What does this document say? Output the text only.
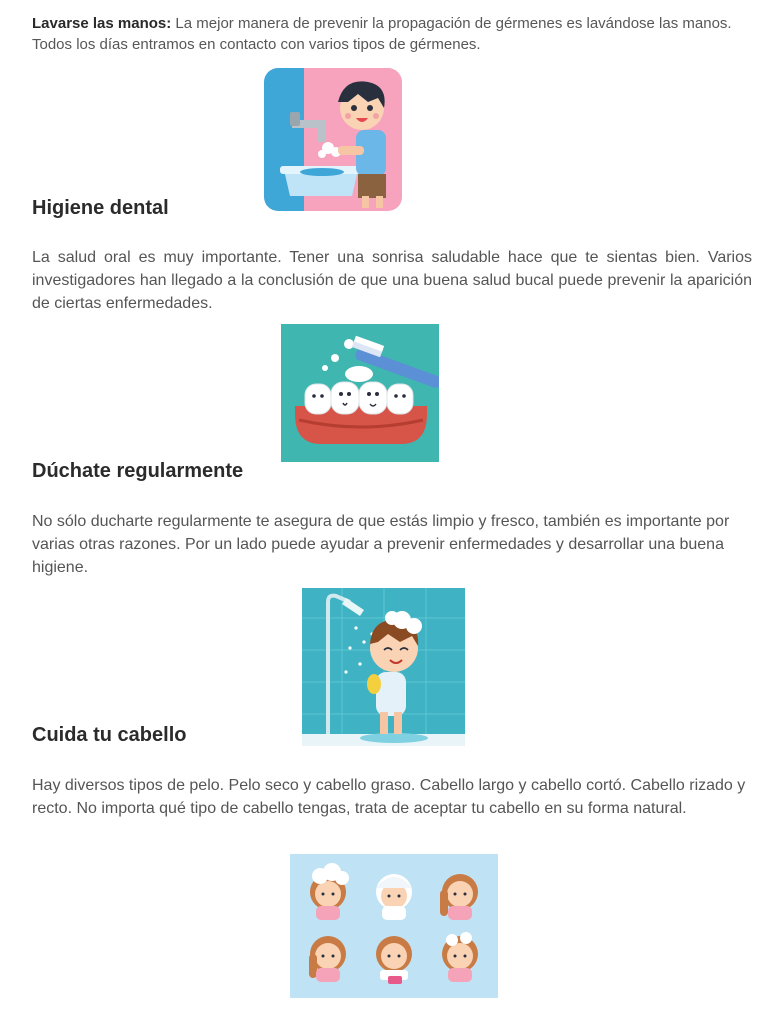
Lavarse las manos: La mejor manera de prevenir la propagación de gérmenes es lavándose las manos. Todos los días entramos en contacto con varios tipos de gérmenes.

Higiene dental

La salud oral es muy importante. Tener una sonrisa saludable hace que te sientas bien. Varios investigadores han llegado a la conclusión de que una buena salud bucal puede prevenir la aparición de ciertas enfermedades.

Dúchate regularmente

No sólo ducharte regularmente te asegura de que estás limpio y fresco, también es importante por varias otras razones. Por un lado puede ayudar a prevenir enfermedades y desarrollar una buena higiene.

Cuida tu cabello

Hay diversos tipos de pelo. Pelo seco y cabello graso. Cabello largo y cabello cortó. Cabello rizado y recto. No importa qué tipo de cabello tengas, trata de aceptar tu cabello en su forma natural.
